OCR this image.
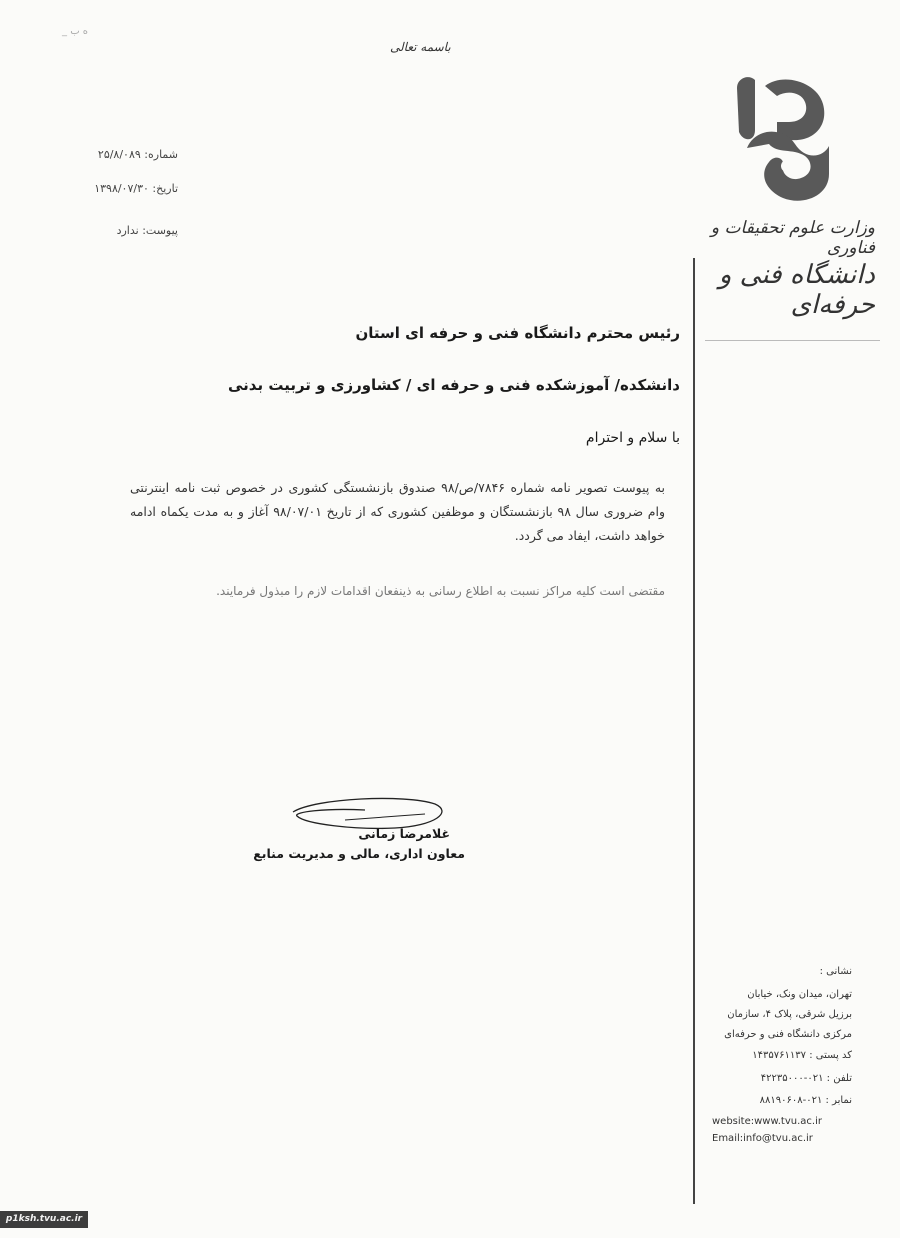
_ ه ب
باسمه تعالی
شماره: ۲۵/۸/۰۸۹
تاریخ: ۱۳۹۸/۰۷/۳۰
پیوست: ندارد	وزارت علوم تحقیقات و فناوری
دانشگاه فنی و حرفه‌ای
رئیس محترم دانشگاه فنی و حرفه ای استان
دانشکده/ آموزشکده فنی و حرفه ای / کشاورزی و تربیت بدنی
با سلام و احترام
به پیوست تصویر نامه شماره ۷۸۴۶/ص/۹۸ صندوق بازنشستگی کشوری در خصوص ثبت نامه اینترنتی وام ضروری سال ۹۸ بازنشستگان و موظفین کشوری که از تاریخ ۹۸/۰۷/۰۱ آغاز و به مدت یکماه ادامه خواهد داشت، ایفاد می گردد.
مقتضی است کلیه مراکز نسبت به اطلاع رسانی به ذینفعان اقدامات لازم را مبذول فرمایند.
غلامرضا زمانی
معاون اداری، مالی و مدیریت منابع
نشانی :
تهران، میدان ونک، خیابان
برزیل شرقی، پلاک ۴، سازمان
مرکزی دانشگاه فنی و حرفه‌ای
کد پستی : ۱۴۳۵۷۶۱۱۳۷
تلفن : ۰۲۱-۴۲۲۳۵۰۰۰
نمابر : ۰۲۱-۸۸۱۹۰۶۰۸
website:www.tvu.ac.ir
Email:info@tvu.ac.ir
p1ksh.tvu.ac.ir
